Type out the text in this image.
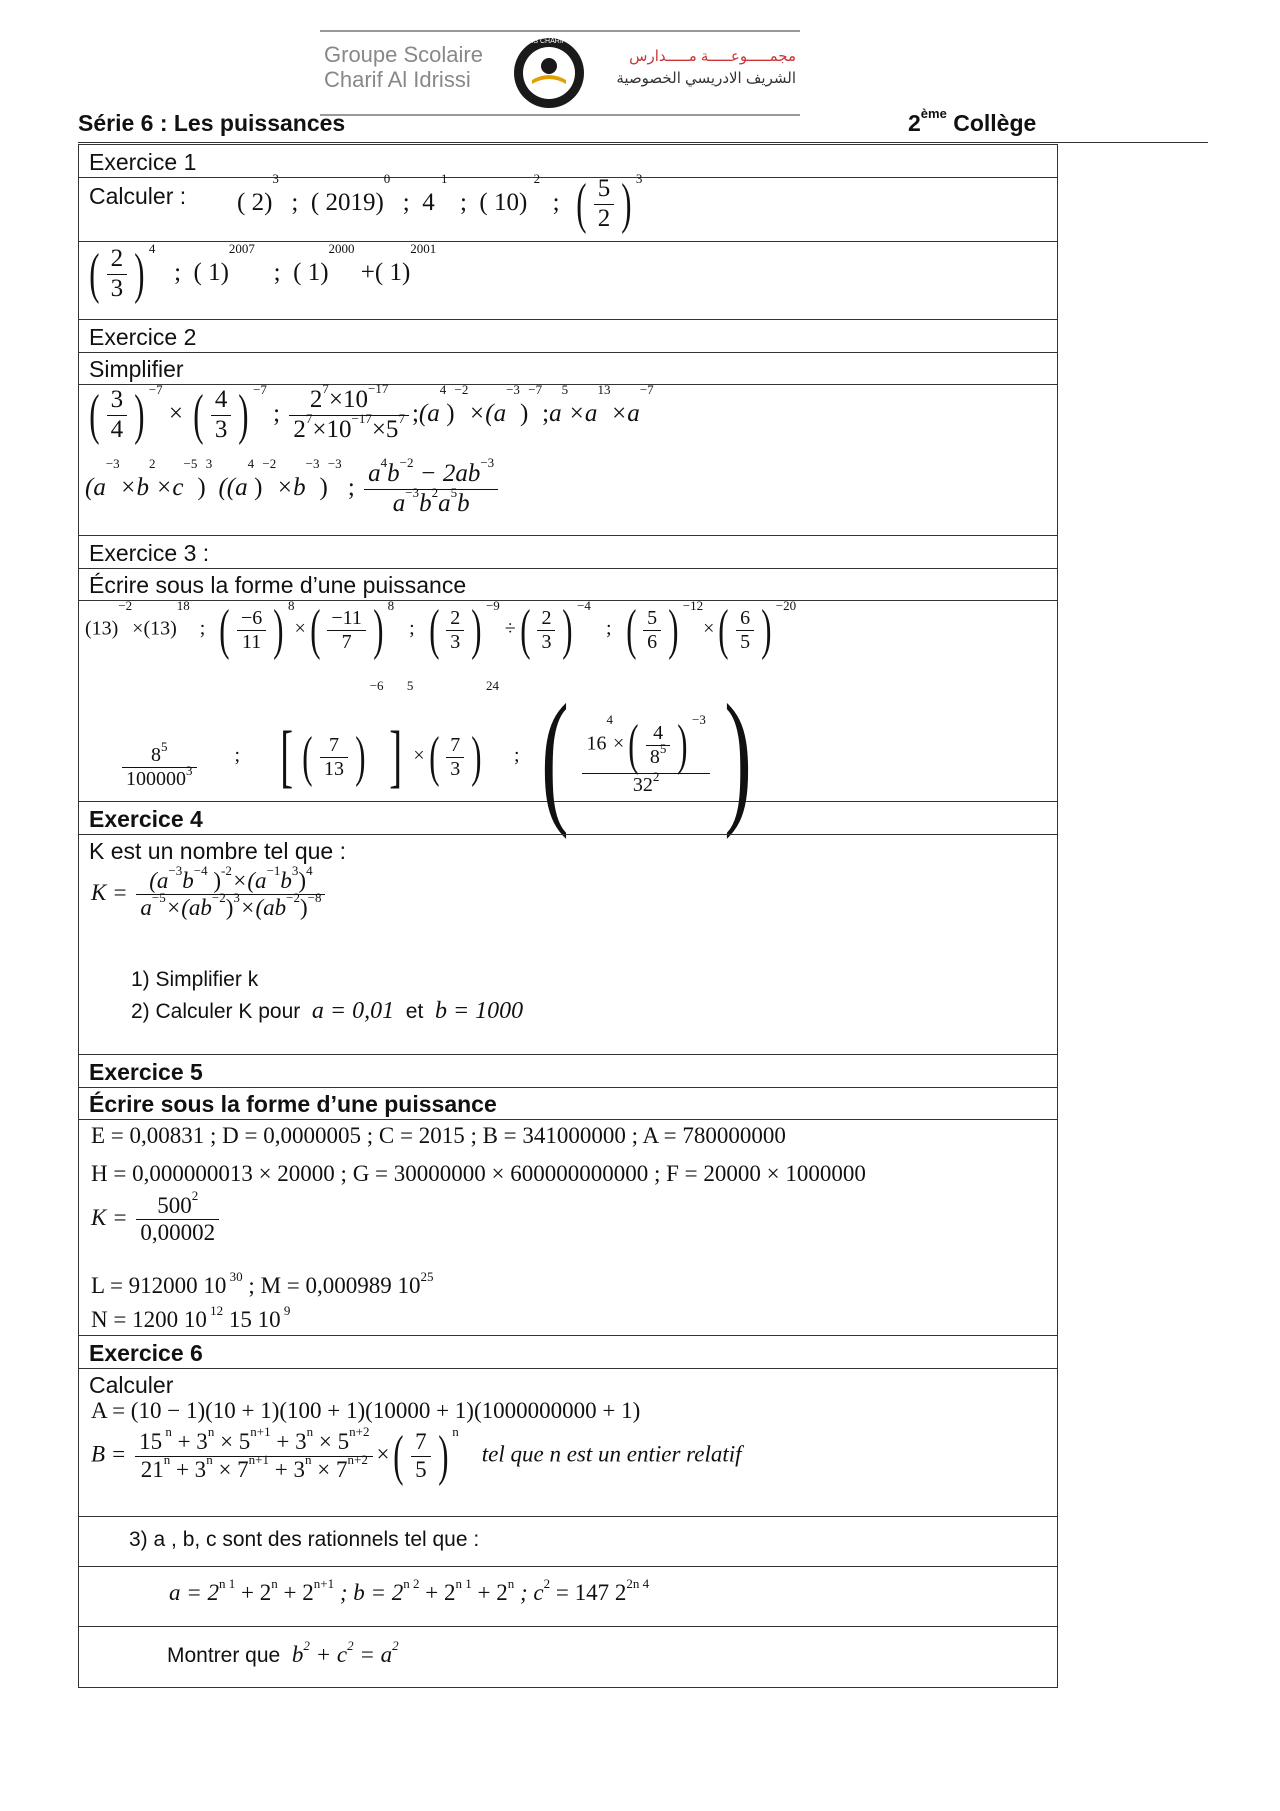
Groupe Scolaire
Charif Al Idrissi
G.S CHARIF AL IDRISSI
مجمـــــوعـــــة مـــــدارس
الشريف الادريسي الخصوصية
Série 6 : Les puissances	2ème Collège
Exercice 1
Calculer : ( 2)$^3$  ; ( 2019)$^0$  ; 4 $^1$  ; ( 10) $^2$  ; ( $\frac{5}{2}$ ) $^3$
( $\frac{2}{3}$ ) $^4$   ; ( 1)$^{2007}$   ; ( 1)$^{2000}$ +( 1)$^{2001}$
Exercice 2
Simplifier
( $\frac{3}{4}$ ) $^{-7}$ × ( $\frac{4}{3}$ ) $^{-7}$ ; $\frac{2^7\times 10^{-17}}{2^7\times 10^{-17}\times 5^7}$ $;(a^4)^{-2}\times(a^{-3})^{-7};a^5\times a^{13}\times a^{-7}$
$(a^{-3}\times b^2\times c^{-5})^3$ $((a^4)^{-2}\times b^{-3})^{-3}$ ; $\frac{a^4b^{-2} - 2ab^{-3}}{a^{-3}b^2a^5b}$
Exercice 3 :
Écrire sous la forme d’une puissance
$(13)^{-2}\times(13)^{18}$  ; ( $\frac{-6}{11}$ ) $^8\times( \frac{-11}{7}$ ) $^8$   ; ( $\frac{2}{3}$ ) $^{-9}$ ÷( $\frac{2}{3}$ ) $^{-4}$   ; ( $\frac{5}{6}$ ) $^{-12}\times( \frac{6}{5}$ ) $^{-20}$
$\frac{8^5}{100000^3}$ ; [ ( $\frac{7}{13} )^{-6}]^5\times( \frac{7}{3} )^{24}$   ; ( $\frac{16^4\times( \frac{4}{8^5} ) ^{-3}}{32^2}$ )
Exercice 4
K est un nombre tel que :
$K = \frac{(a^{-3}b^{-4} )^{-2}\times(a^{-1}b^3)^4}{a^{-5}\times(ab^{-2})^3\times(ab^{-2})^{-8}}$
1) Simplifier k
2) Calculer K pour a = 0,01 et b = 1000
Exercice 5
Écrire sous la forme d’une puissance
E = 0,00831 ; D = 0,0000005 ; C = 2015 ; B = 341000000 ; A = 780000000
H = 0,000000013 × 20000 ; G = 30000000 × 600000000000 ; F = 20000 × 1000000
$K = \frac{500^2}{0,00002}$
L = 912000 10 $^{30}$ ; M = 0,000989 $10^{25}$
N = 1200 10 $^{12}$ 15 10 $^9$
Exercice 6
Calculer
A = (10 − 1)(10 + 1)(100 + 1)(10000 + 1)(1000000000 + 1)
$B = \frac{15 ^n + 3^n \times 5^{n+1} + 3^n \times 5^{n+2}}{21^n + 3^n \times 7^{n+1} + 3^n \times 7^{n+2}}$ ×( $\frac{7}{5}$ ) $^n$    tel que n est un entier relatif
3) a , b, c sont des rationnels tel que :
$a = 2^{n 1} + 2^n + 2^{n+1}$ ; $b = 2^{n 2} + 2^{n 1} + 2^n$ ; $c^2 = 147$ $2^{2n 4}$
Montrer que $b^2 + c^2 = a^2$
